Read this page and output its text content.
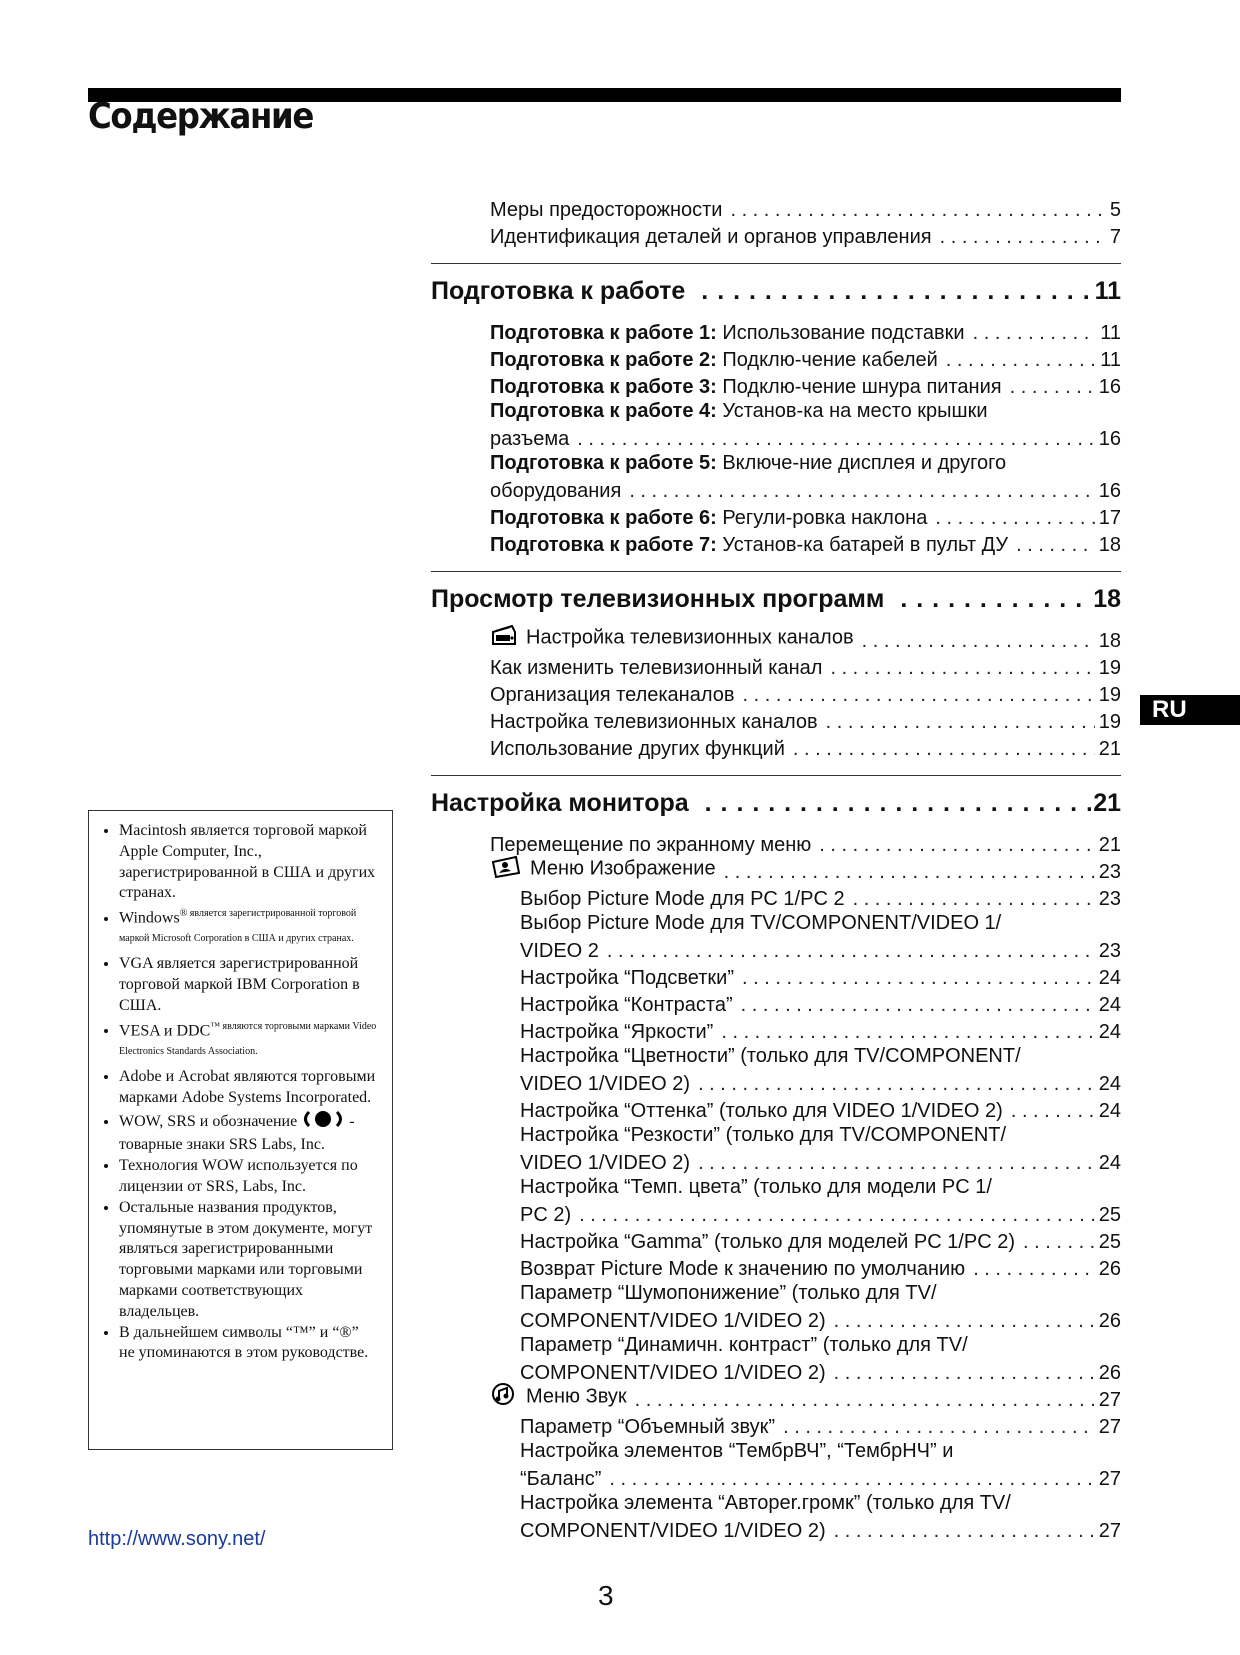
Содержание
Меры предосторожности . . .	5
Идентификация деталей и органов управления . . .	7
Подготовка к работе . . .	11
Подготовка к работе 1: Использование подставки . . .	11
Подготовка к работе 2: Подклю-чение кабелей . . .	11
Подготовка к работе 3: Подклю-чение шнура питания . . .	16
Подготовка к работе 4: Установ-ка на место крышки
разъема . . .	16
Подготовка к работе 5: Включе-ние дисплея и другого
оборудования . . .	16
Подготовка к работе 6: Регули-ровка наклона . . .	17
Подготовка к работе 7: Установ-ка батарей в пульт ДУ . . .	18
Просмотр телевизионных программ . . .	18
Настройка телевизионных каналов . . .	18
Как изменить телевизионный канал . . .	19
Организация телеканалов . . .	19
Настройка телевизионных каналов . . .	19
Использование других функций . . .	21
Настройка монитора . . .	21
Перемещение по экранному меню . . .	21
Меню Изображение . . .	23
Выбор Picture Mode для PC 1/PC 2 . . .	23
Выбор Picture Mode для TV/COMPONENT/VIDEO 1/
VIDEO 2 . . .	23
Настройка “Подсветки” . . .	24
Настройка “Контраста” . . .	24
Настройка “Яркости” . . .	24
Настройка “Цветности” (только для TV/COMPONENT/
VIDEO 1/VIDEO 2) . . .	24
Настройка “Оттенка” (только для VIDEO 1/VIDEO 2) . . .	24
Настройка “Резкости” (только для TV/COMPONENT/
VIDEO 1/VIDEO 2) . . .	24
Настройка “Темп. цвета” (только для модели PC 1/
PC 2) . . .	25
Настройка “Gamma” (только для моделей PC 1/PC 2) . . .	25
Возврат Picture Mode к значению по умолчанию . . .	26
Параметр “Шумопонижение” (только для TV/
COMPONENT/VIDEO 1/VIDEO 2) . . .	26
Параметр “Динамичн. контраст” (только для TV/
COMPONENT/VIDEO 1/VIDEO 2) . . .	26
Меню Звук . . .	27
Параметр “Объемный звук” . . .	27
Настройка элементов “ТембрВЧ”, “ТембрНЧ” и
“Баланс” . . .	27
Настройка элемента “Автореr.громк” (только для TV/
COMPONENT/VIDEO 1/VIDEO 2) . . .	27
• Macintosh является торговой маркой Apple Computer, Inc., зарегистрированной в США и других странах.
• Windows$^{® является зарегистрированной торговой маркой Microsoft Corporation в США и других странах.}$
• VGA является зарегистрированной торговой маркой IBM Corporation в США.
• VESA и $DDC^{™ являются торговыми марками Video Electronics Standards Association.}$
• Adobe и Acrobat являются торговыми марками Adobe Systems Incorporated.
• WOW, SRS и обозначение	- товарные знаки SRS Labs, Inc.
• Технология WOW используется по лицензии от SRS, Labs, Inc.
• Остальные названия продуктов, упомянутые в этом документе, могут являться зарегистрированными торговыми марками или торговыми марками соответствующих владельцев.
• В дальнейшем символы “™” и “®” не упоминаются в этом руководстве.
http://www.sony.net/
RU
3
